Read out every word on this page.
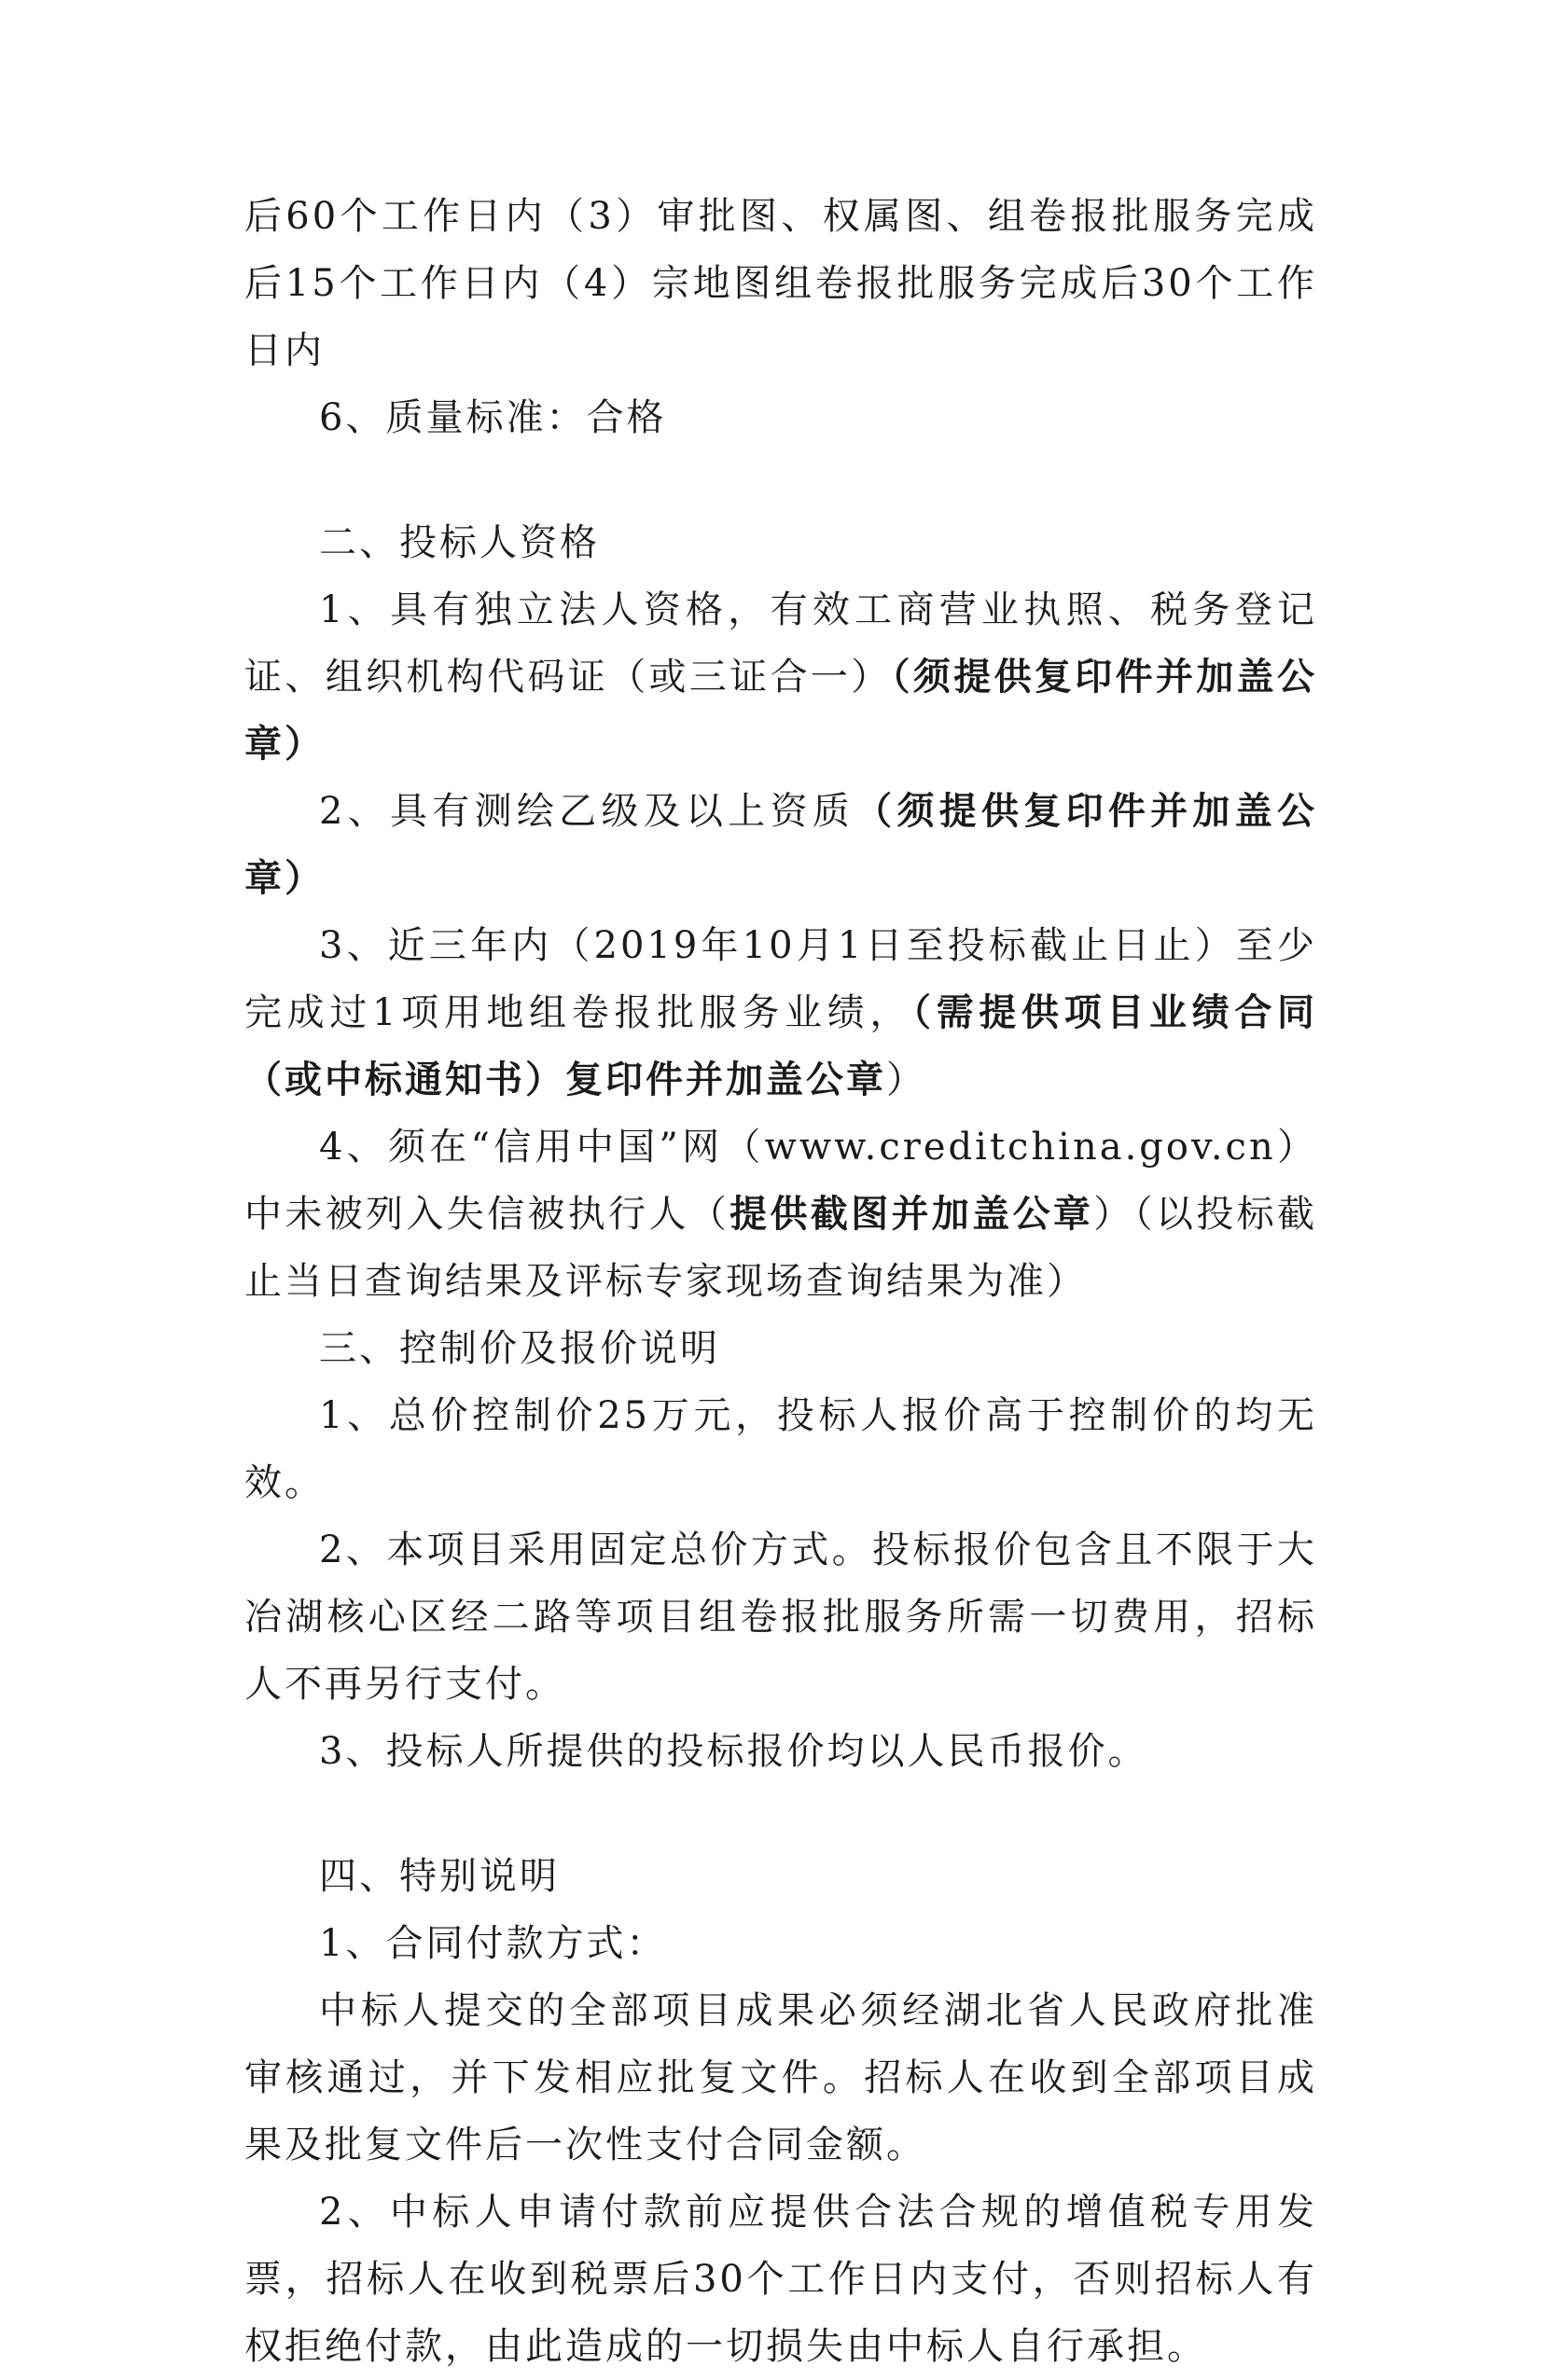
后60个工作日内（3）审批图、权属图、组卷报批服务完成后15个工作日内（4）宗地图组卷报批服务完成后30个工作日内

6、质量标准：合格

二、投标人资格

1、具有独立法人资格，有效工商营业执照、税务登记证、组织机构代码证（或三证合一）（须提供复印件并加盖公章）

2、具有测绘乙级及以上资质（须提供复印件并加盖公章）

3、近三年内（2019年10月1日至投标截止日止）至少完成过1项用地组卷报批服务业绩，（需提供项目业绩合同（或中标通知书）复印件并加盖公章）

4、须在“信用中国”网（www.creditchina.gov.cn）中未被列入失信被执行人（提供截图并加盖公章）（以投标截止当日查询结果及评标专家现场查询结果为准）

三、控制价及报价说明

1、总价控制价25万元，投标人报价高于控制价的均无效。

2、本项目采用固定总价方式。投标报价包含且不限于大冶湖核心区经二路等项目组卷报批服务所需一切费用，招标人不再另行支付。

3、投标人所提供的投标报价均以人民币报价。

四、特别说明

1、合同付款方式：

中标人提交的全部项目成果必须经湖北省人民政府批准审核通过，并下发相应批复文件。招标人在收到全部项目成果及批复文件后一次性支付合同金额。

2、中标人申请付款前应提供合法合规的增值税专用发票，招标人在收到税票后30个工作日内支付，否则招标人有权拒绝付款，由此造成的一切损失由中标人自行承担。
